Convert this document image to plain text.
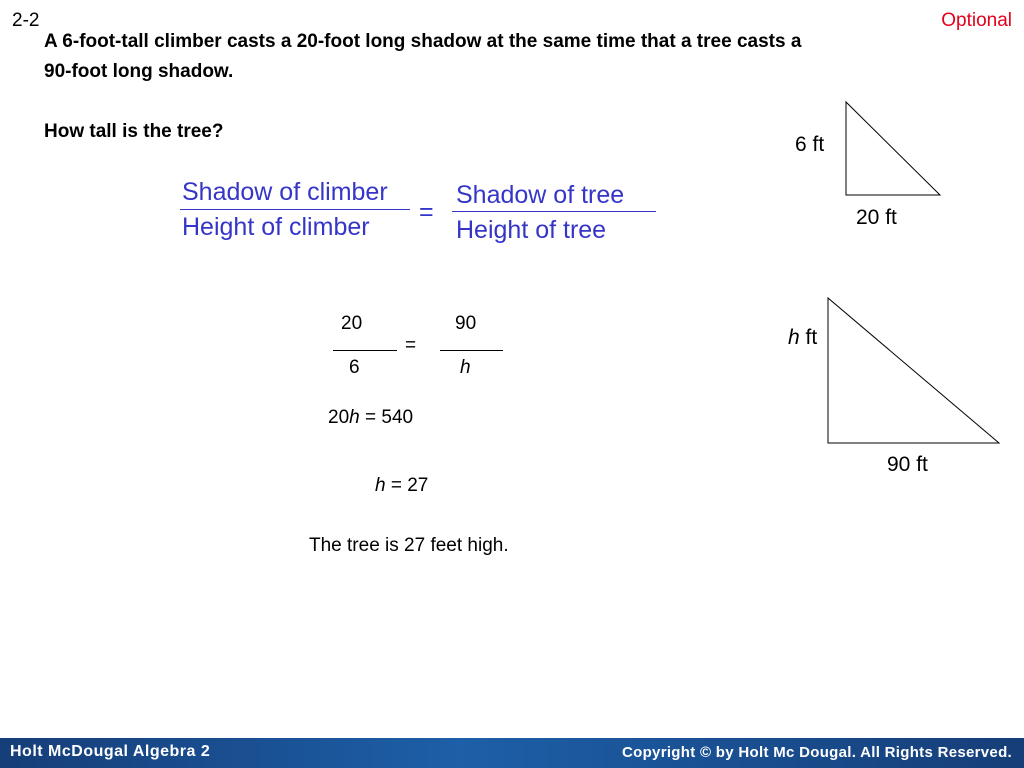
2-2	Optional
A 6-foot-tall climber casts a 20-foot long shadow at the same time that a tree casts a
90-foot long shadow.
How tall is the tree?
Shadow of climber
Height of climber
=
Shadow of tree
Height of tree
20
6
=
90
h
20h = 540
h = 27
The tree is 27 feet high.
6 ft
20 ft
h ft
90 ft
Holt McDougal Algebra 2	Copyright © by Holt Mc Dougal. All Rights Reserved.
